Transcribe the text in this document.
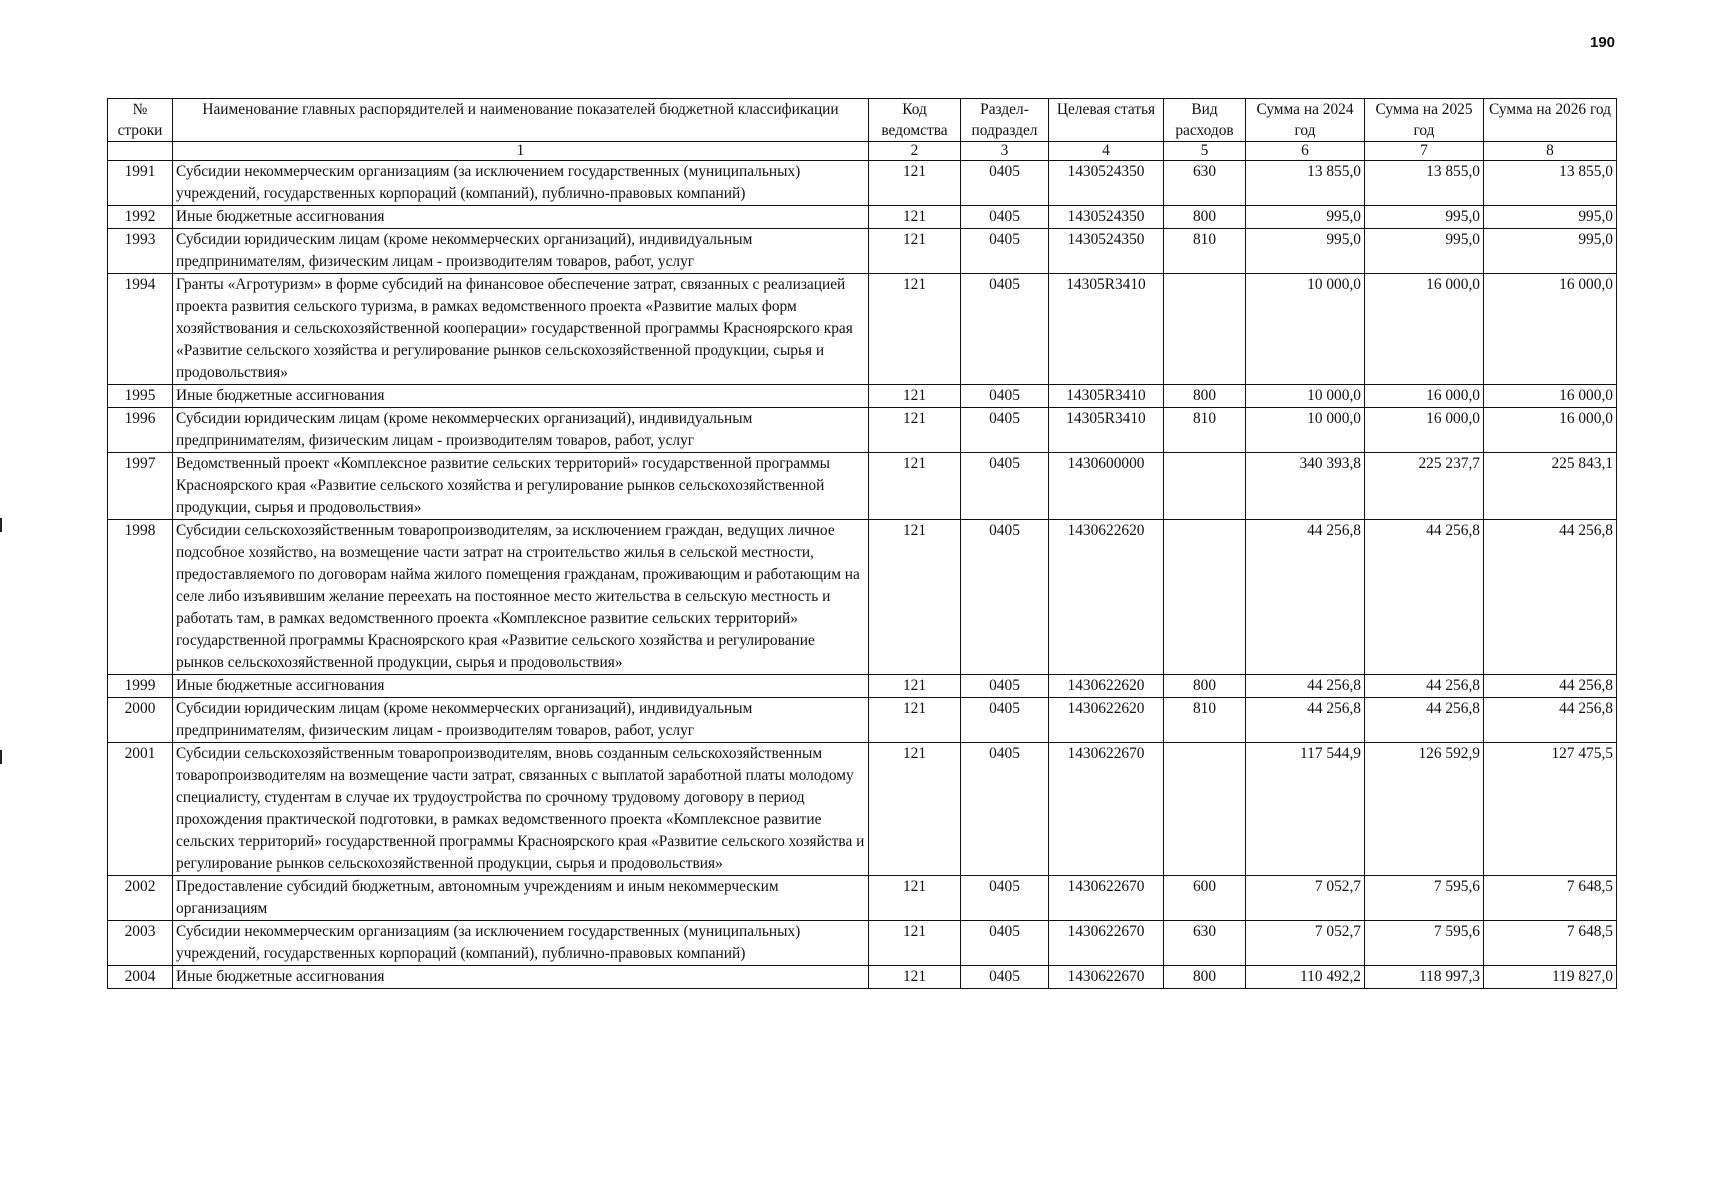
190
№ строки	Наименование главных распорядителей и наименование показателей бюджетной классификации	Код ведомства	Раздел-подраздел	Целевая статья	Вид расходов	Сумма на 2024 год	Сумма на 2025 год	Сумма на 2026 год
	1	2	3	4	5	6	7	8
1991	Субсидии некоммерческим организациям (за исключением государственных (муниципальных) учреждений, государственных корпораций (компаний), публично-правовых компаний)	121	0405	1430524350	630	13 855,0	13 855,0	13 855,0
1992	Иные бюджетные ассигнования	121	0405	1430524350	800	995,0	995,0	995,0
1993	Субсидии юридическим лицам (кроме некоммерческих организаций), индивидуальным предпринимателям, физическим лицам - производителям товаров, работ, услуг	121	0405	1430524350	810	995,0	995,0	995,0
1994	Гранты «Агротуризм» в форме субсидий на финансовое обеспечение затрат, связанных с реализацией проекта развития сельского туризма, в рамках ведомственного проекта «Развитие малых форм хозяйствования и сельскохозяйственной кооперации» государственной программы Красноярского края «Развитие сельского хозяйства и регулирование рынков сельскохозяйственной продукции, сырья и продовольствия»	121	0405	14305R3410		10 000,0	16 000,0	16 000,0
1995	Иные бюджетные ассигнования	121	0405	14305R3410	800	10 000,0	16 000,0	16 000,0
1996	Субсидии юридическим лицам (кроме некоммерческих организаций), индивидуальным предпринимателям, физическим лицам - производителям товаров, работ, услуг	121	0405	14305R3410	810	10 000,0	16 000,0	16 000,0
1997	Ведомственный проект «Комплексное развитие сельских территорий» государственной программы Красноярского края «Развитие сельского хозяйства и регулирование рынков сельскохозяйственной продукции, сырья и продовольствия»	121	0405	1430600000		340 393,8	225 237,7	225 843,1
1998	Субсидии сельскохозяйственным товаропроизводителям, за исключением граждан, ведущих личное подсобное хозяйство, на возмещение части затрат на строительство жилья в сельской местности, предоставляемого по договорам найма жилого помещения гражданам, проживающим и работающим на селе либо изъявившим желание переехать на постоянное место жительства в сельскую местность и работать там, в рамках ведомственного проекта «Комплексное развитие сельских территорий» государственной программы Красноярского края «Развитие сельского хозяйства и регулирование рынков сельскохозяйственной продукции, сырья и продовольствия»	121	0405	1430622620		44 256,8	44 256,8	44 256,8
1999	Иные бюджетные ассигнования	121	0405	1430622620	800	44 256,8	44 256,8	44 256,8
2000	Субсидии юридическим лицам (кроме некоммерческих организаций), индивидуальным предпринимателям, физическим лицам - производителям товаров, работ, услуг	121	0405	1430622620	810	44 256,8	44 256,8	44 256,8
2001	Субсидии сельскохозяйственным товаропроизводителям, вновь созданным сельскохозяйственным товаропроизводителям на возмещение части затрат, связанных с выплатой заработной платы молодому специалисту, студентам в случае их трудоустройства по срочному трудовому договору в период прохождения практической подготовки, в рамках ведомственного проекта «Комплексное развитие сельских территорий» государственной программы Красноярского края «Развитие сельского хозяйства и регулирование рынков сельскохозяйственной продукции, сырья и продовольствия»	121	0405	1430622670		117 544,9	126 592,9	127 475,5
2002	Предоставление субсидий бюджетным, автономным учреждениям и иным некоммерческим организациям	121	0405	1430622670	600	7 052,7	7 595,6	7 648,5
2003	Субсидии некоммерческим организациям (за исключением государственных (муниципальных) учреждений, государственных корпораций (компаний), публично-правовых компаний)	121	0405	1430622670	630	7 052,7	7 595,6	7 648,5
2004	Иные бюджетные ассигнования	121	0405	1430622670	800	110 492,2	118 997,3	119 827,0
